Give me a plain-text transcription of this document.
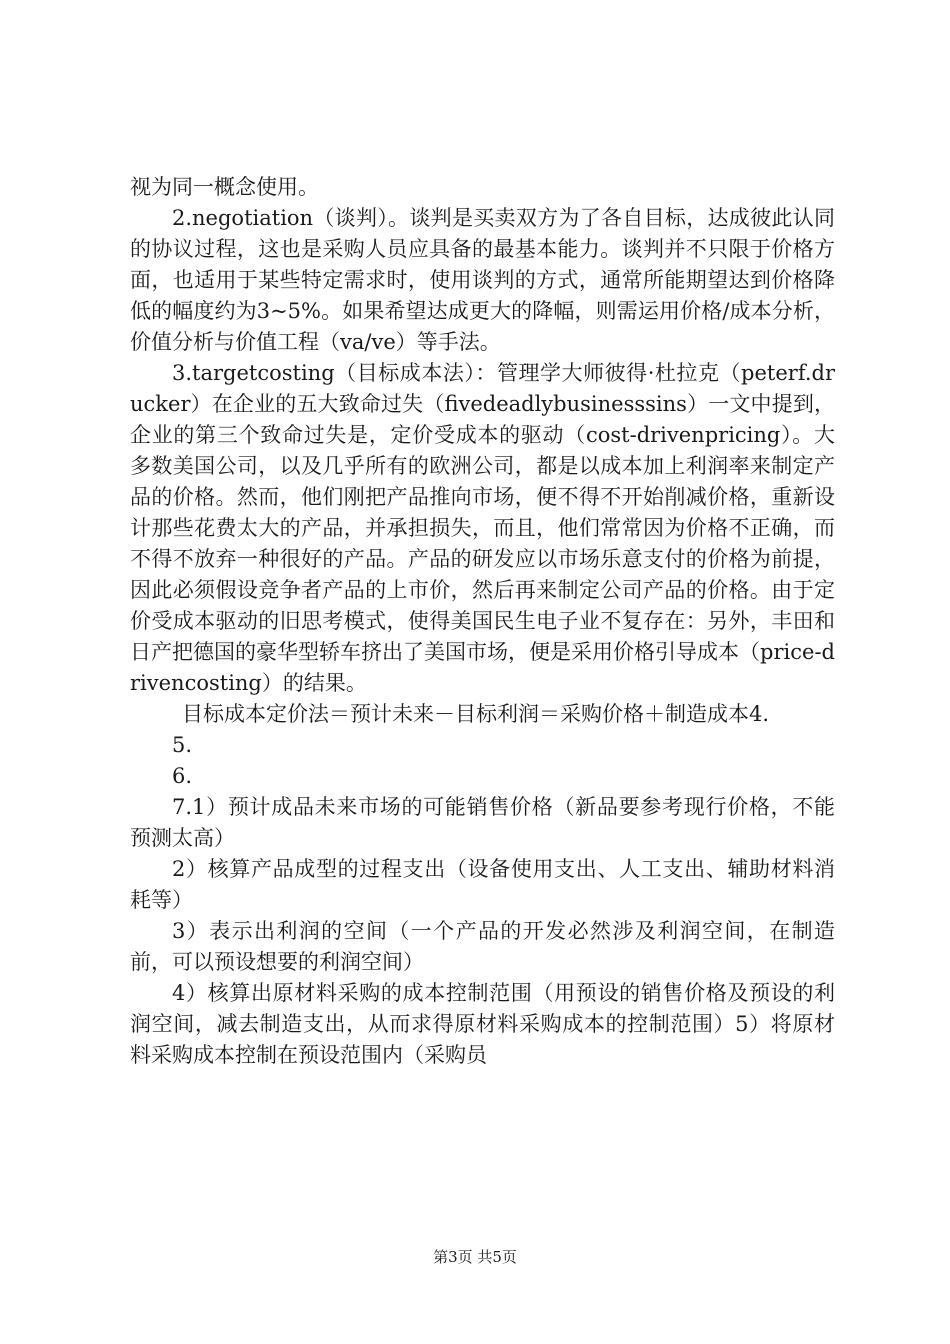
视为同一概念使用。

2.negotiation（谈判）。谈判是买卖双方为了各自目标，达成彼此认同的协议过程，这也是采购人员应具备的最基本能力。谈判并不只限于价格方面，也适用于某些特定需求时，使用谈判的方式，通常所能期望达到价格降低的幅度约为3~5%。如果希望达成更大的降幅，则需运用价格/成本分析，价值分析与价值工程（va/ve）等手法。

3.targetcosting（目标成本法）：管理学大师彼得·杜拉克（peterf.drucker）在企业的五大致命过失（fivedeadlybusinesssins）一文中提到，企业的第三个致命过失是，定价受成本的驱动（cost-drivenpricing）。大多数美国公司，以及几乎所有的欧洲公司，都是以成本加上利润率来制定产品的价格。然而，他们刚把产品推向市场，便不得不开始削减价格，重新设计那些花费太大的产品，并承担损失，而且，他们常常因为价格不正确，而不得不放弃一种很好的产品。产品的研发应以市场乐意支付的价格为前提，因此必须假设竞争者产品的上市价，然后再来制定公司产品的价格。由于定价受成本驱动的旧思考模式，使得美国民生电子业不复存在：另外，丰田和日产把德国的豪华型轿车挤出了美国市场，便是采用价格引导成本（price-drivencosting）的结果。

目标成本定价法＝预计未来－目标利润＝采购价格＋制造成本4.

5.

6.

7.1）预计成品未来市场的可能销售价格（新品要参考现行价格，不能预测太高）

2）核算产品成型的过程支出（设备使用支出、人工支出、辅助材料消耗等）

3）表示出利润的空间（一个产品的开发必然涉及利润空间，在制造前，可以预设想要的利润空间）

4）核算出原材料采购的成本控制范围（用预设的销售价格及预设的利润空间，减去制造支出，从而求得原材料采购成本的控制范围）5）将原材料采购成本控制在预设范围内（采购员

第3页 共5页
